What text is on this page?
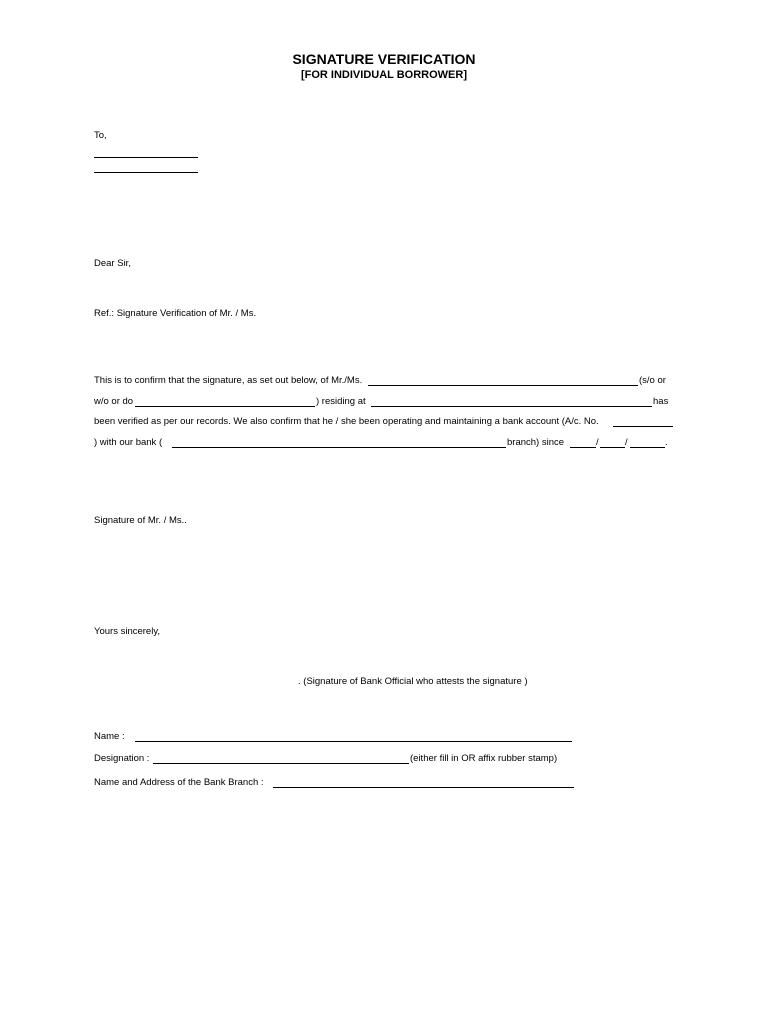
SIGNATURE VERIFICATION
[FOR INDIVIDUAL BORROWER]
To,
Dear Sir,
Ref.: Signature Verification of Mr. / Ms.
This is to confirm that the signature, as set out below, of Mr./Ms.	(s/o or
w/o or do	) residing at	has
been verified as per our records. We also confirm that he / she been operating and maintaining a bank account (A/c. No.
) with our bank (	branch) since	/	/	.
Signature of Mr. / Ms..
Yours sincerely,
. (Signature of Bank Official who attests the signature )
Name :
Designation :	(either fill in OR affix rubber stamp)
Name and Address of the Bank Branch :
